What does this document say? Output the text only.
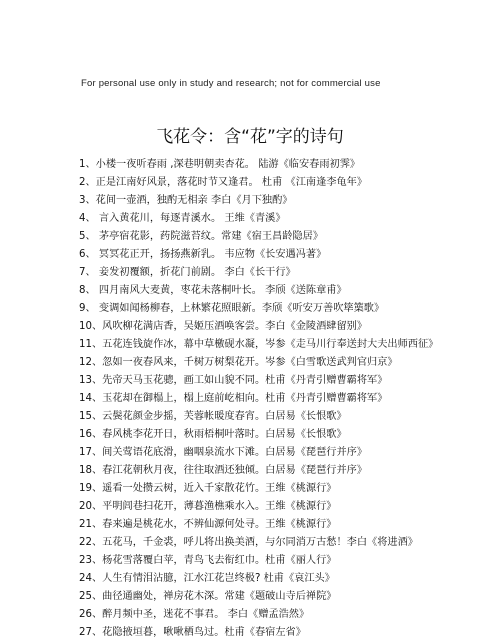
For personal use only in study and research; not for commercial use
飞花令：含“花”字的诗句
1、小楼一夜听春雨 ,深巷明朝卖杏花。 陆游《临安春雨初霁》
2、正是江南好风景，落花时节又逢君。 杜甫 《江南逢李龟年》
3、花间一壶酒，独酌无相亲 李白《月下独酌》
4、 言入黄花川，每逐青溪水。 王维《青溪》
5、 茅亭宿花影，药院滋苔纹。常建《宿王昌龄隐居》
6、 冥冥花正开，扬扬燕新乳。 韦应物《长安遇冯著》
7、 妾发初覆额，折花门前剧。 李白《长干行》
8、 四月南风大麦黄，枣花未落桐叶长。 李颀《送陈章甫》
9、 变调如闻杨柳春，上林繁花照眼新。李颀《听安万善吹筚篥歌》
10、风吹柳花满店香，吴姬压酒唤客尝。李白《金陵酒肆留别》
11、五花连钱旋作冰，幕中草檄砚水凝，岑参《走马川行奉送封大夫出师西征》
12、忽如一夜春风来，千树万树梨花开。岑参《白雪歌送武判官归京》
13、先帝天马玉花骢，画工如山貌不同。杜甫《丹青引赠曹霸将军》
14、玉花却在御榻上，榻上庭前屹相向。杜甫《丹青引赠曹霸将军》
15、云鬓花颜金步摇，芙蓉帐暖度春宵。白居易《长恨歌》
16、春风桃李花开日，秋雨梧桐叶落时。白居易《长恨歌》
17、间关莺语花底滑，幽咽泉流水下滩。白居易《琵琶行并序》
18、春江花朝秋月夜，往往取酒还独倾。白居易《琵琶行并序》
19、遥看一处攒云树，近入千家散花竹。王维《桃源行》
20、平明闾巷扫花开，薄暮渔樵乘水入。王维《桃源行》
21、春来遍是桃花水，不辨仙源何处寻。王维《桃源行》
22、五花马，千金裘，呼儿将出换美酒，与尔同消万古愁！李白《将进酒》
23、杨花雪落覆白苹，青鸟飞去衔红巾。杜甫《丽人行》
24、人生有情泪沾臆，江水江花岂终极? 杜甫《哀江头》
25、曲径通幽处，禅房花木深。常建《题破山寺后禅院》
26、醉月频中圣，迷花不事君。 李白《赠孟浩然》
27、花隐掖垣暮，啾啾栖鸟过。杜甫《春宿左省》
